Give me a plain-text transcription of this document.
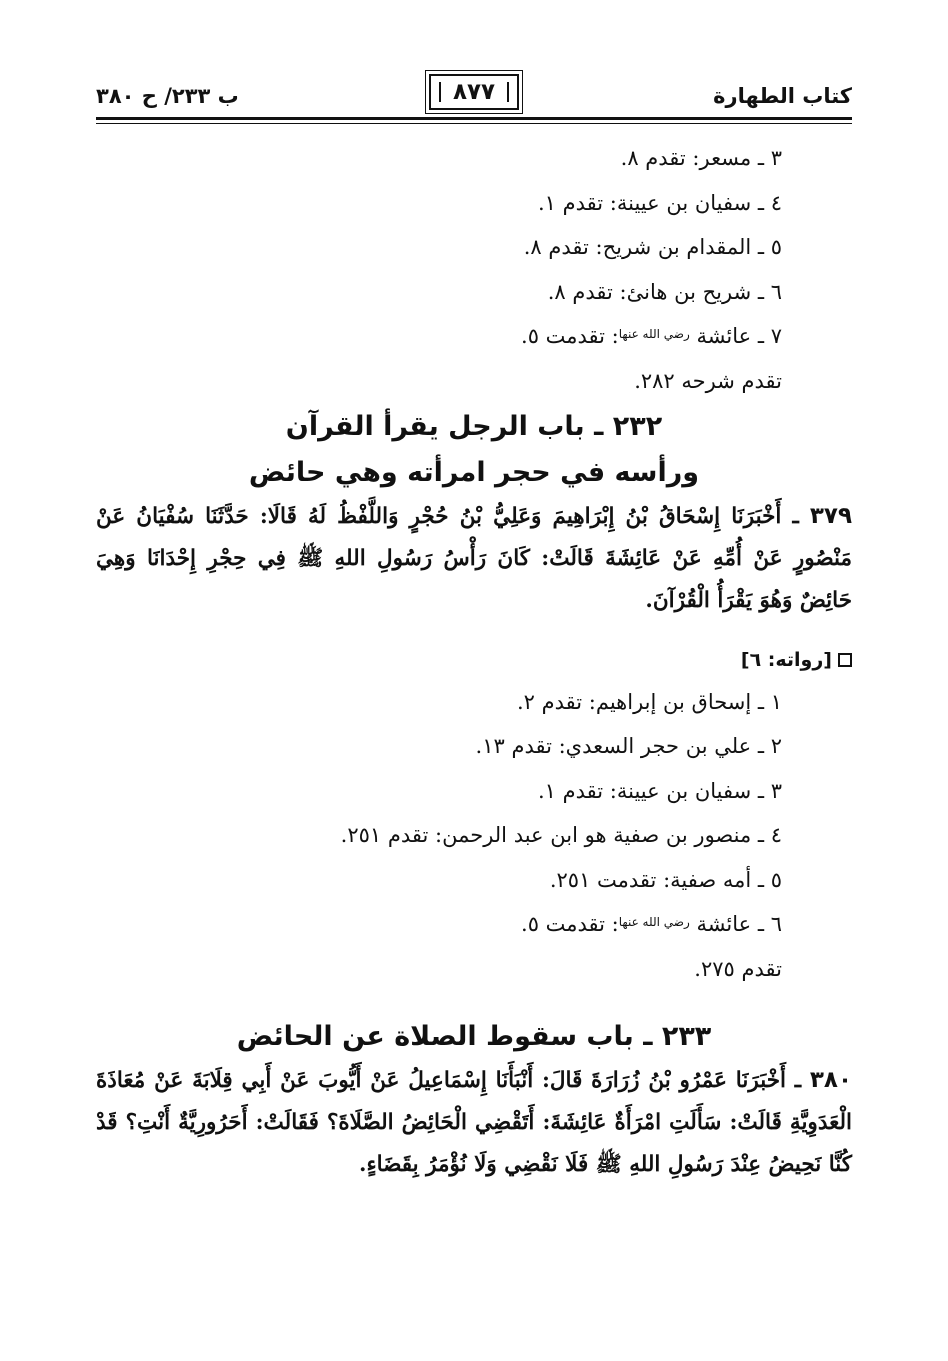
كتاب الطهارة
٨٧٧
ب ٢٣٣/ ح ٣٨٠
٣ ـ مسعر: تقدم ٨.
٤ ـ سفيان بن عيينة: تقدم ١.
٥ ـ المقدام بن شريح: تقدم ٨.
٦ ـ شريح بن هانئ: تقدم ٨.
٧ ـ عائشة رضي الله عنها: تقدمت ٥.
تقدم شرحه ٢٨٢.
٢٣٢ ـ باب الرجل يقرأ القرآن
ورأسه في حجر امرأته وهي حائض

٣٧٩ ـ أَخْبَرَنَا إِسْحَاقُ بْنُ إِبْرَاهِيمَ وَعَلِيُّ بْنُ حُجْرٍ وَاللَّفْظُ لَهُ قَالَا: حَدَّثَنَا سُفْيَانُ عَنْ مَنْصُورٍ عَنْ أُمِّهِ عَنْ عَائِشَةَ قَالَتْ: كَانَ رَأْسُ رَسُولِ اللهِ ﷺ فِي حِجْرِ إِحْدَانَا وَهِيَ حَائِضٌ وَهُوَ يَقْرَأُ الْقُرْآنَ.

[رواته: ٦]
١ ـ إسحاق بن إبراهيم: تقدم ٢.
٢ ـ علي بن حجر السعدي: تقدم ١٣.
٣ ـ سفيان بن عيينة: تقدم ١.
٤ ـ منصور بن صفية هو ابن عبد الرحمن: تقدم ٢٥١.
٥ ـ أمه صفية: تقدمت ٢٥١.
٦ ـ عائشة رضي الله عنها: تقدمت ٥.
تقدم ٢٧٥.
٢٣٣ ـ باب سقوط الصلاة عن الحائض

٣٨٠ ـ أَخْبَرَنَا عَمْرُو بْنُ زُرَارَةَ قَالَ: أَنْبَأَنَا إِسْمَاعِيلُ عَنْ أَيُّوبَ عَنْ أَبِي قِلَابَةَ عَنْ مُعَاذَةَ الْعَدَوِيَّةِ قَالَتْ: سَأَلَتِ امْرَأَةٌ عَائِشَةَ: أَتَقْضِي الْحَائِضُ الصَّلَاةَ؟ فَقَالَتْ: أَحَرُورِيَّةٌ أَنْتِ؟ قَدْ كُنَّا نَحِيضُ عِنْدَ رَسُولِ اللهِ ﷺ فَلَا نَقْضِي وَلَا نُؤْمَرُ بِقَضَاءٍ.
